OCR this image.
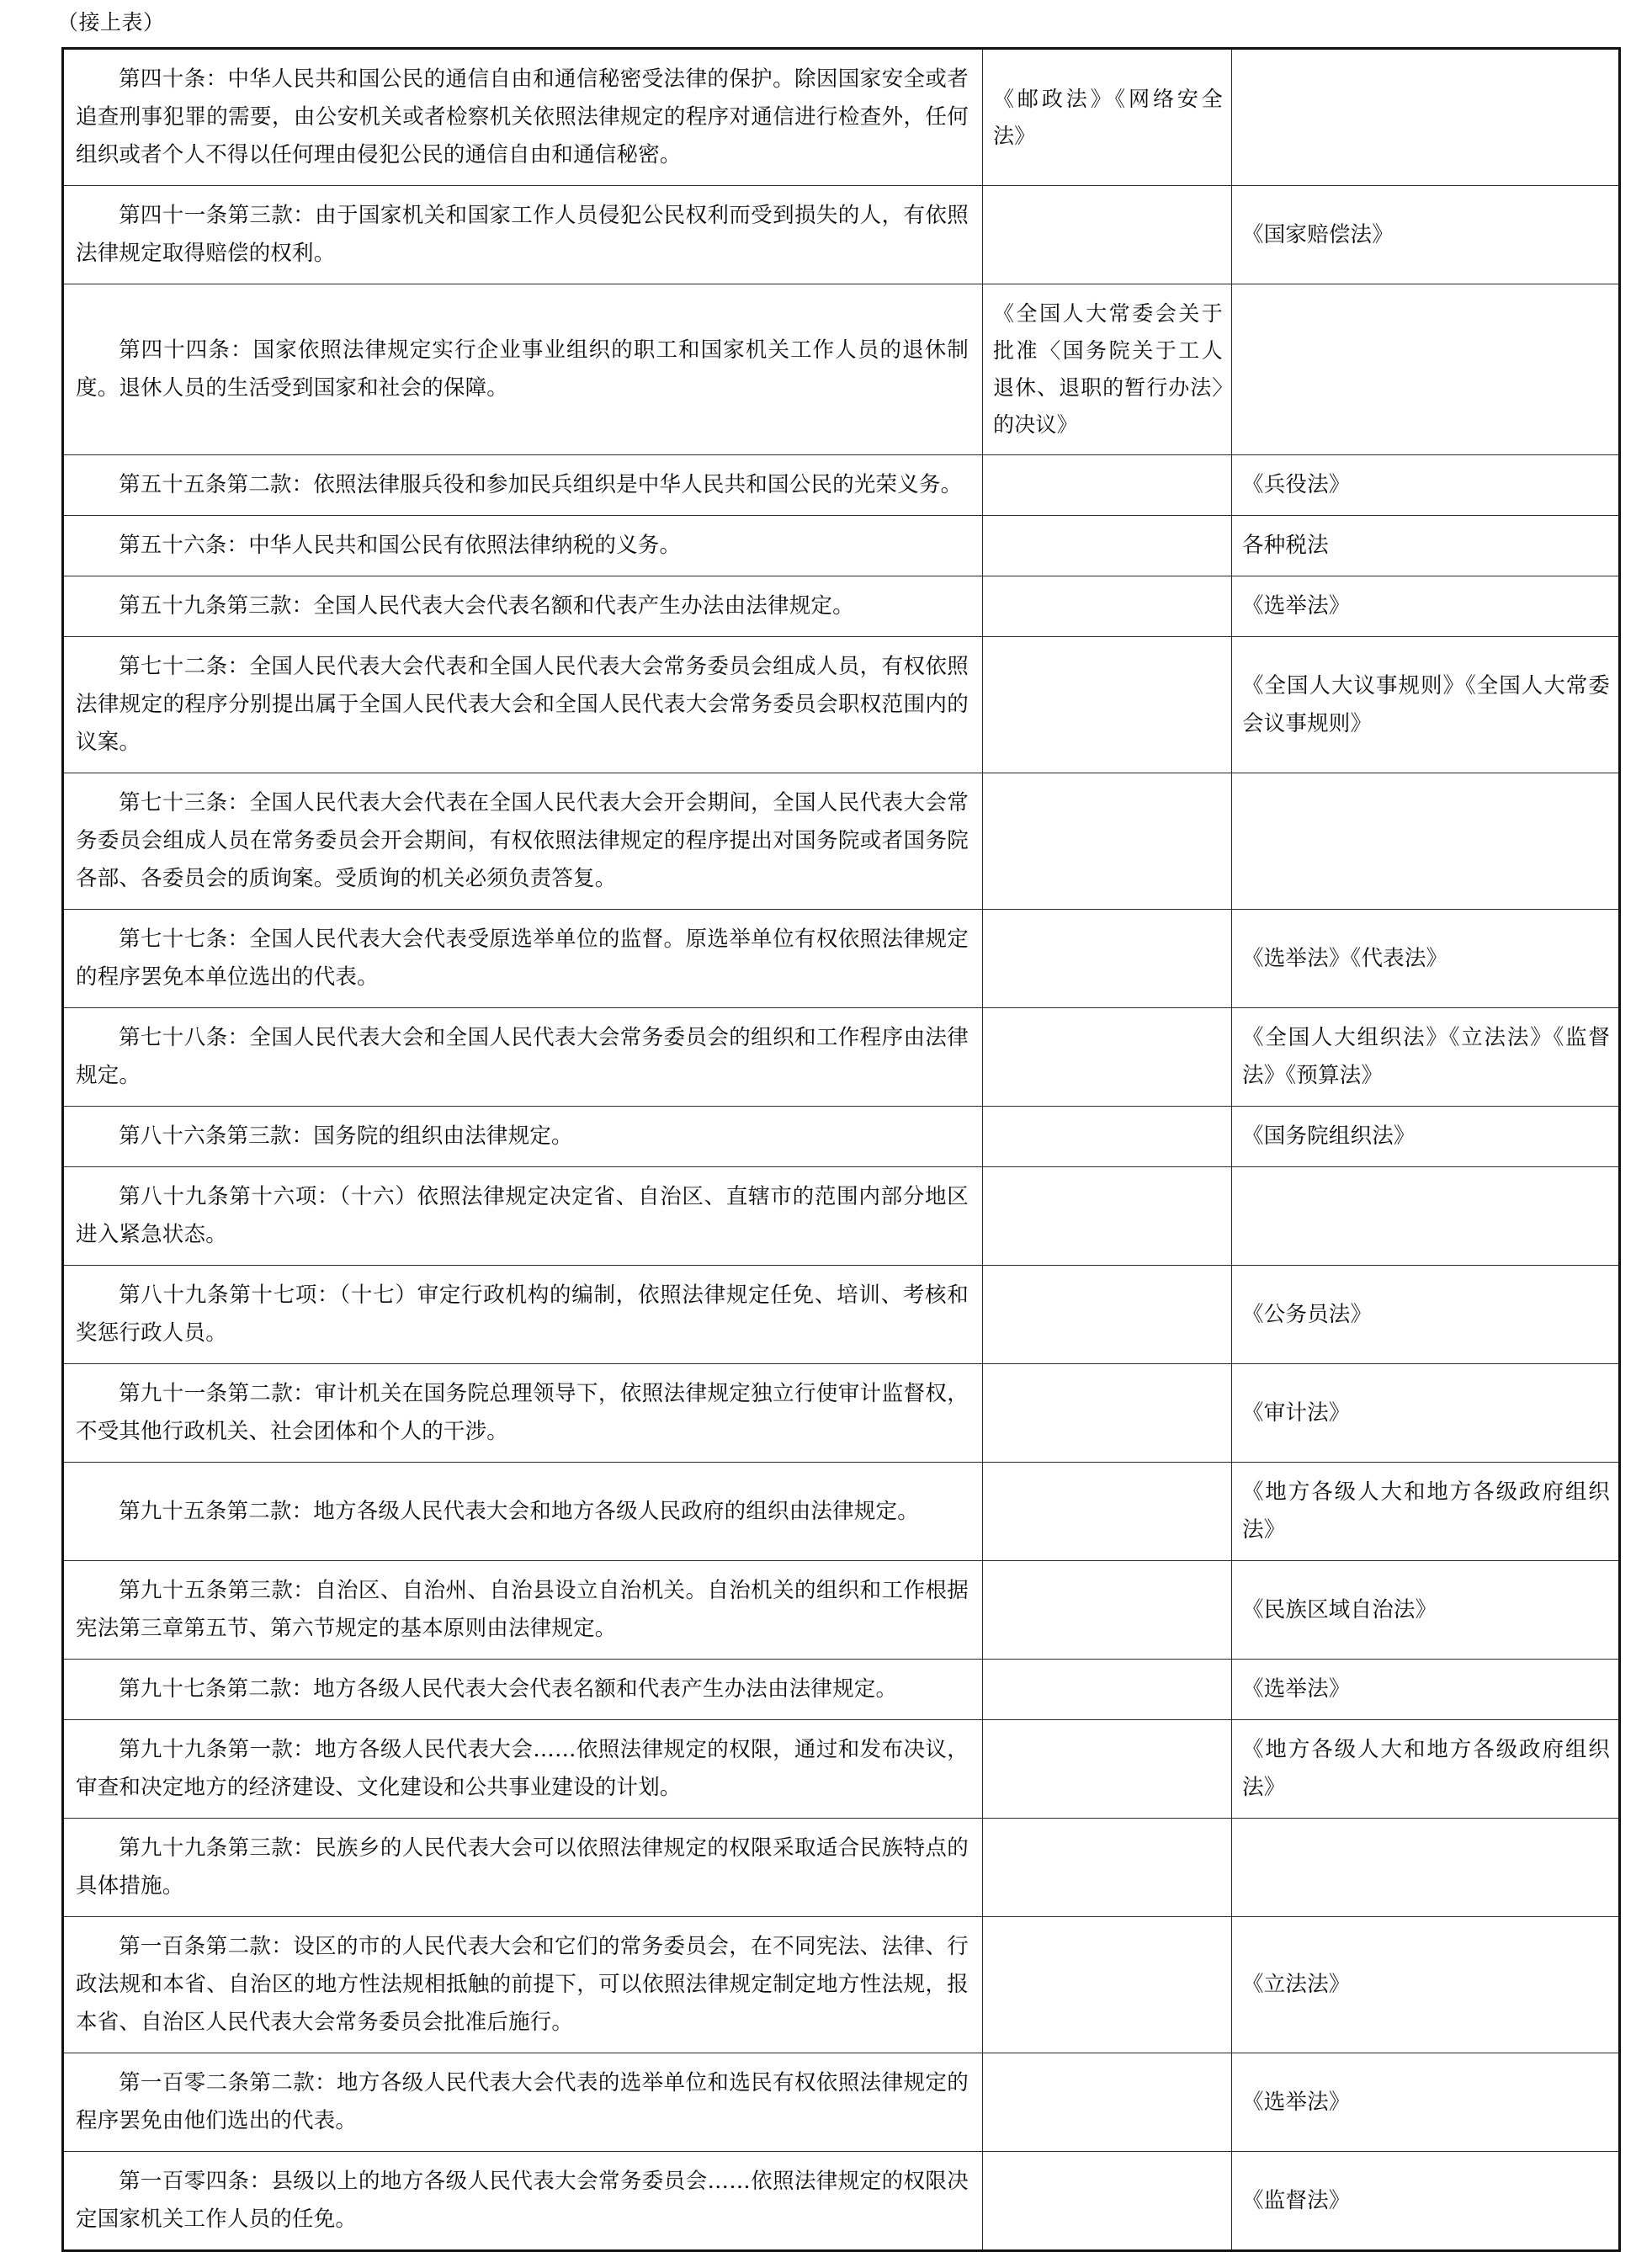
（接上表）
第四十条：中华人民共和国公民的通信自由和通信秘密受法律的保护。除因国家安全或者追查刑事犯罪的需要，由公安机关或者检察机关依照法律规定的程序对通信进行检查外，任何组织或者个人不得以任何理由侵犯公民的通信自由和通信秘密。	《邮政法》《网络安全法》	

第四十一条第三款：由于国家机关和国家工作人员侵犯公民权利而受到损失的人，有依照法律规定取得赔偿的权利。		《国家赔偿法》

第四十四条：国家依照法律规定实行企业事业组织的职工和国家机关工作人员的退休制度。退休人员的生活受到国家和社会的保障。	《全国人大常委会关于批准〈国务院关于工人退休、退职的暂行办法〉的决议》	

第五十五条第二款：依照法律服兵役和参加民兵组织是中华人民共和国公民的光荣义务。		《兵役法》

第五十六条：中华人民共和国公民有依照法律纳税的义务。		各种税法

第五十九条第三款：全国人民代表大会代表名额和代表产生办法由法律规定。		《选举法》

第七十二条：全国人民代表大会代表和全国人民代表大会常务委员会组成人员，有权依照法律规定的程序分别提出属于全国人民代表大会和全国人民代表大会常务委员会职权范围内的议案。		《全国人大议事规则》《全国人大常委会议事规则》

第七十三条：全国人民代表大会代表在全国人民代表大会开会期间，全国人民代表大会常务委员会组成人员在常务委员会开会期间，有权依照法律规定的程序提出对国务院或者国务院各部、各委员会的质询案。受质询的机关必须负责答复。		

第七十七条：全国人民代表大会代表受原选举单位的监督。原选举单位有权依照法律规定的程序罢免本单位选出的代表。		《选举法》《代表法》

第七十八条：全国人民代表大会和全国人民代表大会常务委员会的组织和工作程序由法律规定。		《全国人大组织法》《立法法》《监督法》《预算法》

第八十六条第三款：国务院的组织由法律规定。		《国务院组织法》

第八十九条第十六项：（十六）依照法律规定决定省、自治区、直辖市的范围内部分地区进入紧急状态。		

第八十九条第十七项：（十七）审定行政机构的编制，依照法律规定任免、培训、考核和奖惩行政人员。		《公务员法》

第九十一条第二款：审计机关在国务院总理领导下，依照法律规定独立行使审计监督权，不受其他行政机关、社会团体和个人的干涉。		《审计法》

第九十五条第二款：地方各级人民代表大会和地方各级人民政府的组织由法律规定。		《地方各级人大和地方各级政府组织法》

第九十五条第三款：自治区、自治州、自治县设立自治机关。自治机关的组织和工作根据宪法第三章第五节、第六节规定的基本原则由法律规定。		《民族区域自治法》

第九十七条第二款：地方各级人民代表大会代表名额和代表产生办法由法律规定。		《选举法》

第九十九条第一款：地方各级人民代表大会……依照法律规定的权限，通过和发布决议，审查和决定地方的经济建设、文化建设和公共事业建设的计划。		《地方各级人大和地方各级政府组织法》

第九十九条第三款：民族乡的人民代表大会可以依照法律规定的权限采取适合民族特点的具体措施。		

第一百条第二款：设区的市的人民代表大会和它们的常务委员会，在不同宪法、法律、行政法规和本省、自治区的地方性法规相抵触的前提下，可以依照法律规定制定地方性法规，报本省、自治区人民代表大会常务委员会批准后施行。		《立法法》

第一百零二条第二款：地方各级人民代表大会代表的选举单位和选民有权依照法律规定的程序罢免由他们选出的代表。		《选举法》

第一百零四条：县级以上的地方各级人民代表大会常务委员会……依照法律规定的权限决定国家机关工作人员的任免。		《监督法》
